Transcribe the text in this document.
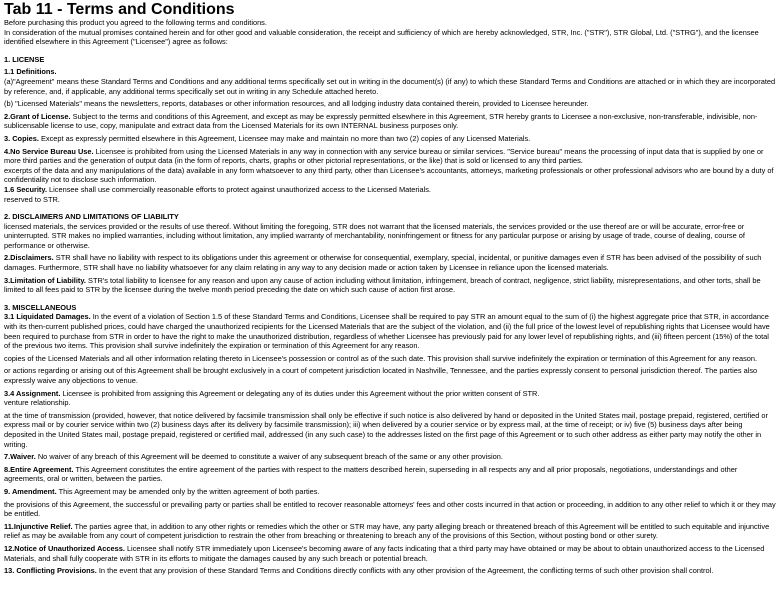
Tab 11 - Terms and Conditions

Before purchasing this product you agreed to the following terms and conditions.

In consideration of the mutual promises contained herein and for other good and valuable consideration, the receipt and sufficiency of which are hereby acknowledged, STR, Inc. ("STR"), STR Global, Ltd. ("STRG"), and the licensee identified elsewhere in this Agreement ("Licensee") agree as follows:

1. LICENSE

1.1 Definitions.

(a)"Agreement" means these Standard Terms and Conditions and any additional terms specifically set out in writing in the document(s) (if any) to which these Standard Terms and Conditions are attached or in which they are incorporated by reference, and, if applicable, any additional terms specifically set out in writing in any Schedule attached hereto.

(b) "Licensed Materials" means the newsletters, reports, databases or other information resources, and all lodging industry data contained therein, provided to Licensee hereunder.

2.Grant of License. Subject to the terms and conditions of this Agreement, and except as may be expressly permitted elsewhere in this Agreement, STR hereby grants to Licensee a non-exclusive, non-transferable, indivisible, non-sublicensable license to use, copy, manipulate and extract data from the Licensed Materials for its own INTERNAL business purposes only.

3. Copies. Except as expressly permitted elsewhere in this Agreement, Licensee may make and maintain no more than two (2) copies of any Licensed Materials.

4.No Service Bureau Use. Licensee is prohibited from using the Licensed Materials in any way in connection with any service bureau or similar services. "Service bureau" means the processing of input data that is supplied by one or more third parties and the generation of output data (in the form of reports, charts, graphs or other pictorial representations, or the like) that is sold or licensed to any third parties.

excerpts of the data and any manipulations of the data) available in any form whatsoever to any third party, other than Licensee's accountants, attorneys, marketing professionals or other professional advisors who are bound by a duty of confidentiality not to disclose such information.

1.6 Security. Licensee shall use commercially reasonable efforts to protect against unauthorized access to the Licensed Materials.

reserved to STR.

2. DISCLAIMERS AND LIMITATIONS OF LIABILITY

licensed materials, the services provided or the results of use thereof. Without limiting the foregoing, STR does not warrant that the licensed materials, the services provided or the use thereof are or will be accurate, error-free or uninterrupted. STR makes no implied warranties, including without limitation, any implied warranty of merchantability, noninfringement or fitness for any particular purpose or arising by usage of trade, course of dealing, course of performance or otherwise.

2.Disclaimers. STR shall have no liability with respect to its obligations under this agreement or otherwise for consequential, exemplary, special, incidental, or punitive damages even if STR has been advised of the possibility of such damages. Furthermore, STR shall have no liability whatsoever for any claim relating in any way to any decision made or action taken by Licensee in reliance upon the licensed materials.

3.Limitation of Liability. STR's total liability to licensee for any reason and upon any cause of action including without limitation, infringement, breach of contract, negligence, strict liability, misrepresentations, and other torts, shall be limited to all fees paid to STR by the licensee during the twelve month period preceding the date on which such cause of action first arose.

3. MISCELLANEOUS

3.1 Liquidated Damages. In the event of a violation of Section 1.5 of these Standard Terms and Conditions, Licensee shall be required to pay STR an amount equal to the sum of (i) the highest aggregate price that STR, in accordance with its then-current published prices, could have charged the unauthorized recipients for the Licensed Materials that are the subject of the violation, and (ii) the full price of the lowest level of republishing rights that Licensee would have been required to purchase from STR in order to have the right to make the unauthorized distribution, regardless of whether Licensee has previously paid for any lower level of republishing rights, and (iii) fifteen percent (15%) of the total of the previous two items. This provision shall survive indefinitely the expiration or termination of this Agreement for any reason.

copies of the Licensed Materials and all other information relating thereto in Licensee's possession or control as of the such date. This provision shall survive indefinitely the expiration or termination of this Agreement for any reason.

or actions regarding or arising out of this Agreement shall be brought exclusively in a court of competent jurisdiction located in Nashville, Tennessee, and the parties expressly consent to personal jurisdiction thereof. The parties also expressly waive any objections to venue.

3.4 Assignment. Licensee is prohibited from assigning this Agreement or delegating any of its duties under this Agreement without the prior written consent of STR.

venture relationship.

at the time of transmission (provided, however, that notice delivered by facsimile transmission shall only be effective if such notice is also delivered by hand or deposited in the United States mail, postage prepaid, registered, certified or express mail or by courier service within two (2) business days after its delivery by facsimile transmission); iii) when delivered by a courier service or by express mail, at the time of receipt; or iv) five (5) business days after being deposited in the United States mail, postage prepaid, registered or certified mail, addressed (in any such case) to the addresses listed on the first page of this Agreement or to such other address as either party may notify the other in writing.

7.Waiver. No waiver of any breach of this Agreement will be deemed to constitute a waiver of any subsequent breach of the same or any other provision.

8.Entire Agreement. This Agreement constitutes the entire agreement of the parties with respect to the matters described herein, superseding in all respects any and all prior proposals, negotiations, understandings and other agreements, oral or written, between the parties.

9. Amendment. This Agreement may be amended only by the written agreement of both parties.

the provisions of this Agreement, the successful or prevailing party or parties shall be entitled to recover reasonable attorneys' fees and other costs incurred in that action or proceeding, in addition to any other relief to which it or they may be entitled.

11.Injunctive Relief. The parties agree that, in addition to any other rights or remedies which the other or STR may have, any party alleging breach or threatened breach of this Agreement will be entitled to such equitable and injunctive relief as may be available from any court of competent jurisdiction to restrain the other from breaching or threatening to breach any of the provisions of this Section, without posting bond or other surety.

12.Notice of Unauthorized Access. Licensee shall notify STR immediately upon Licensee's becoming aware of any facts indicating that a third party may have obtained or may be about to obtain unauthorized access to the Licensed Materials, and shall fully cooperate with STR in its efforts to mitigate the damages caused by any such breach or potential breach.

13. Conflicting Provisions. In the event that any provision of these Standard Terms and Conditions directly conflicts with any other provision of the Agreement, the conflicting terms of such other provision shall control.
